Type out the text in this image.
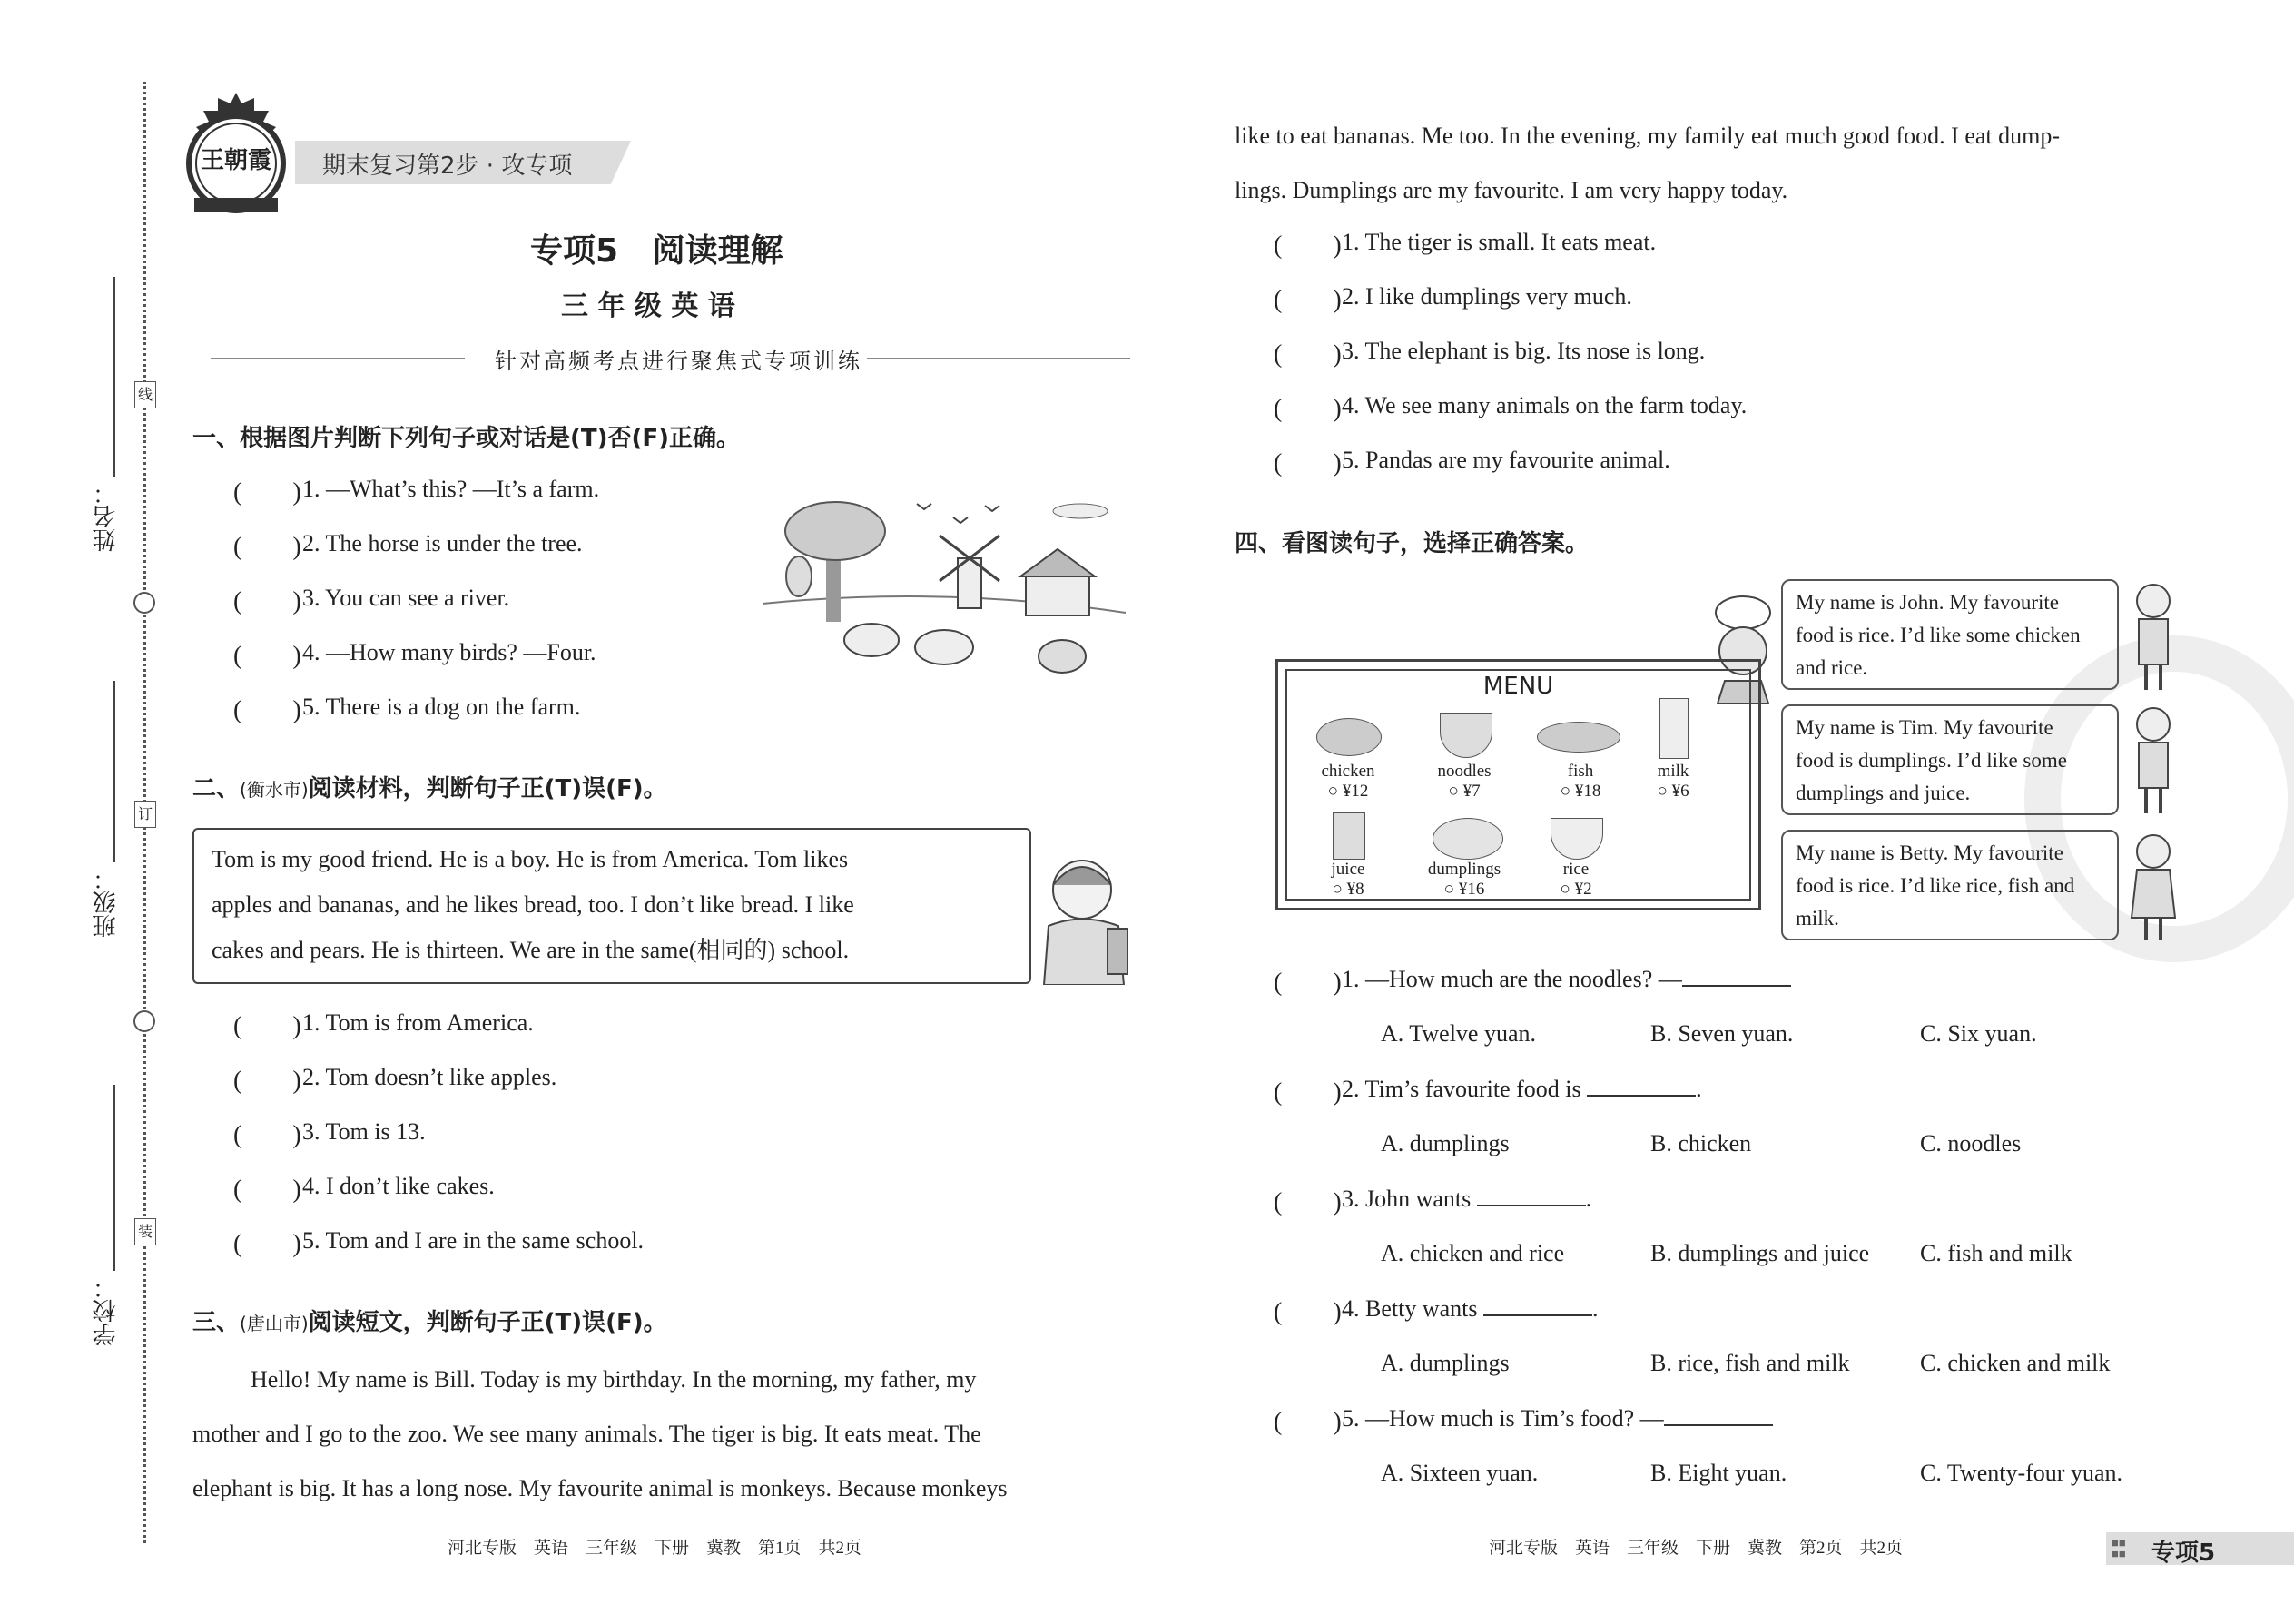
线
订
装
姓名：
班级：
学校：
王朝霞 期末复习第2步 · 攻专项
专项5   阅读理解
三 年 级 英 语
针对高频考点进行聚焦式专项训练
一、根据图片判断下列句子或对话是(T)否(F)正确。
(　　) 1. —What’s this? —It’s a farm.
(　　) 2. The horse is under the tree.
(　　) 3. You can see a river.
(　　) 4. —How many birds? —Four.
(　　) 5. There is a dog on the farm.
二、(衡水市)阅读材料，判断句子正(T)误(F)。
Tom is my good friend. He is a boy. He is from America. Tom likes
apples and bananas, and he likes bread, too. I don’t like bread. I like
cakes and pears. He is thirteen. We are in the same(相同的) school.
(　　) 1. Tom is from America.
(　　) 2. Tom doesn’t like apples.
(　　) 3. Tom is 13.
(　　) 4. I don’t like cakes.
(　　) 5. Tom and I are in the same school.
三、(唐山市)阅读短文，判断句子正(T)误(F)。
Hello! My name is Bill. Today is my birthday. In the morning, my father, my
mother and I go to the zoo. We see many animals. The tiger is big. It eats meat. The
elephant is big. It has a long nose. My favourite animal is monkeys. Because monkeys
like to eat bananas. Me too. In the evening, my family eat much good food. I eat dump-
lings. Dumplings are my favourite. I am very happy today.
(　　) 1. The tiger is small. It eats meat.
(　　) 2. I like dumplings very much.
(　　) 3. The elephant is big. Its nose is long.
(　　) 4. We see many animals on the farm today.
(　　) 5. Pandas are my favourite animal.
四、看图读句子，选择正确答案。
MENU
chicken
○ ¥12
noodles
○ ¥7
fish
○ ¥18
milk
○ ¥6
juice
○ ¥8
dumplings
○ ¥16
rice
○ ¥2
My name is John. My favourite
food is rice. I’d like some chicken
and rice.
My name is Tim. My favourite
food is dumplings. I’d like some
dumplings and juice.
My name is Betty. My favourite
food is rice. I’d like rice, fish and
milk.
(　　) 1. —How much are the noodles? —
A. Twelve yuan.	B. Seven yuan.	C. Six yuan.
(　　) 2. Tim’s favourite food is	.
A. dumplings	B. chicken	C. noodles
(　　) 3. John wants	.
A. chicken and rice	B. dumplings and juice C. fish and milk
(　　) 4. Betty wants	.
A. dumplings	B. rice, fish and milk	C. chicken and milk
(　　) 5. —How much is Tim’s food? —
A. Sixteen yuan.	B. Eight yuan.	C. Twenty-four yuan.
河北专版　英语　三年级　下册　冀教　第1页　共2页	河北专版　英语　三年级　下册　冀教　第2页　共2页	■■
■■ 专项5
